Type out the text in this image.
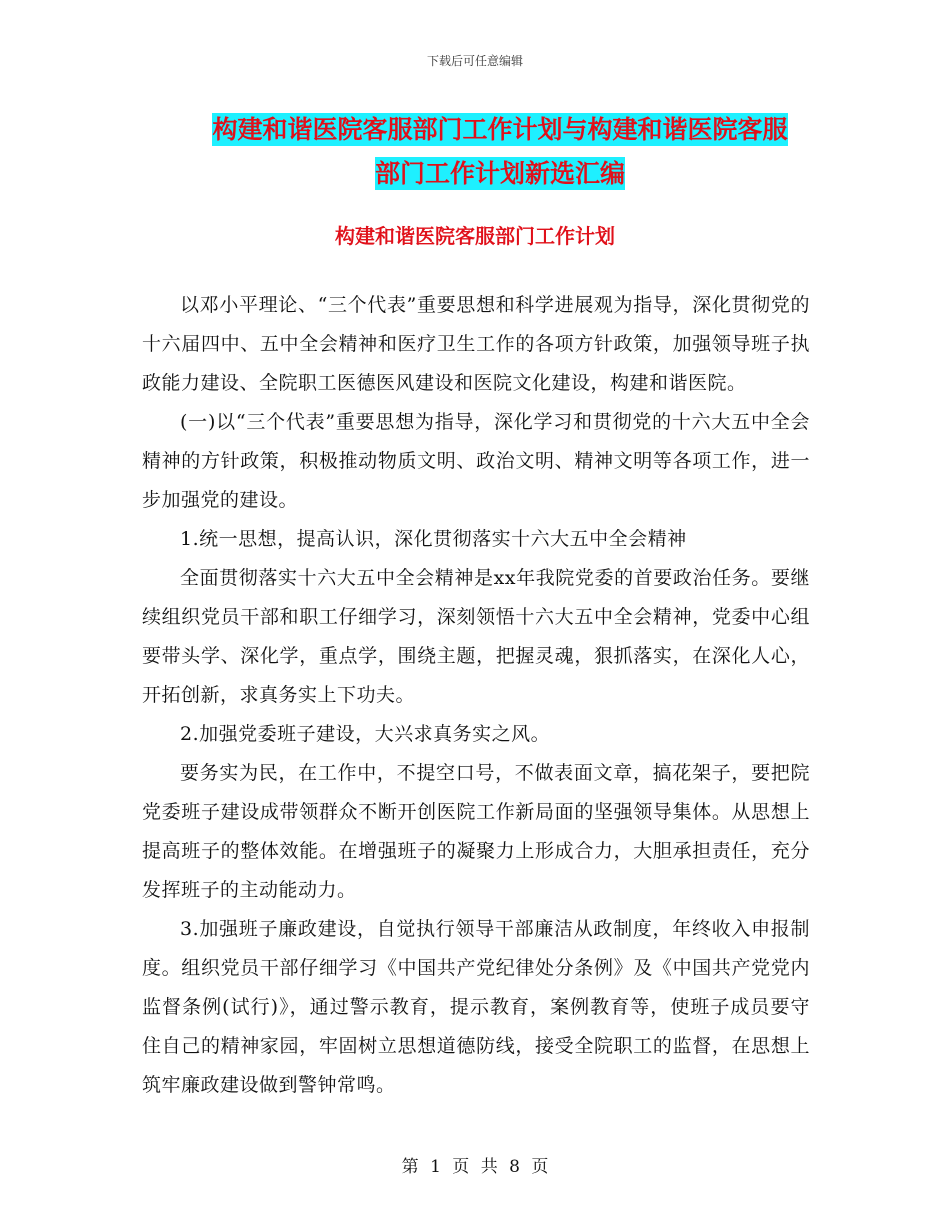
下载后可任意编辑
构建和谐医院客服部门工作计划与构建和谐医院客服
部门工作计划新选汇编
构建和谐医院客服部门工作计划

以邓小平理论、“三个代表”重要思想和科学进展观为指导，深化贯彻党的十六届四中、五中全会精神和医疗卫生工作的各项方针政策，加强领导班子执政能力建设、全院职工医德医风建设和医院文化建设，构建和谐医院。

(一)以“三个代表”重要思想为指导，深化学习和贯彻党的十六大五中全会精神的方针政策，积极推动物质文明、政治文明、精神文明等各项工作，进一步加强党的建设。

1.统一思想，提高认识，深化贯彻落实十六大五中全会精神

全面贯彻落实十六大五中全会精神是xx年我院党委的首要政治任务。要继续组织党员干部和职工仔细学习，深刻领悟十六大五中全会精神，党委中心组要带头学、深化学，重点学，围绕主题，把握灵魂，狠抓落实，在深化人心，开拓创新，求真务实上下功夫。

2.加强党委班子建设，大兴求真务实之风。

要务实为民，在工作中，不提空口号，不做表面文章，搞花架子，要把院党委班子建设成带领群众不断开创医院工作新局面的坚强领导集体。从思想上提高班子的整体效能。在增强班子的凝聚力上形成合力，大胆承担责任，充分发挥班子的主动能动力。

3.加强班子廉政建设，自觉执行领导干部廉洁从政制度，年终收入申报制度。组织党员干部仔细学习《中国共产党纪律处分条例》及《中国共产党党内监督条例(试行)》，通过警示教育，提示教育，案例教育等，使班子成员要守住自己的精神家园，牢固树立思想道德防线，接受全院职工的监督，在思想上筑牢廉政建设做到警钟常鸣。

第 1 页 共 8 页
